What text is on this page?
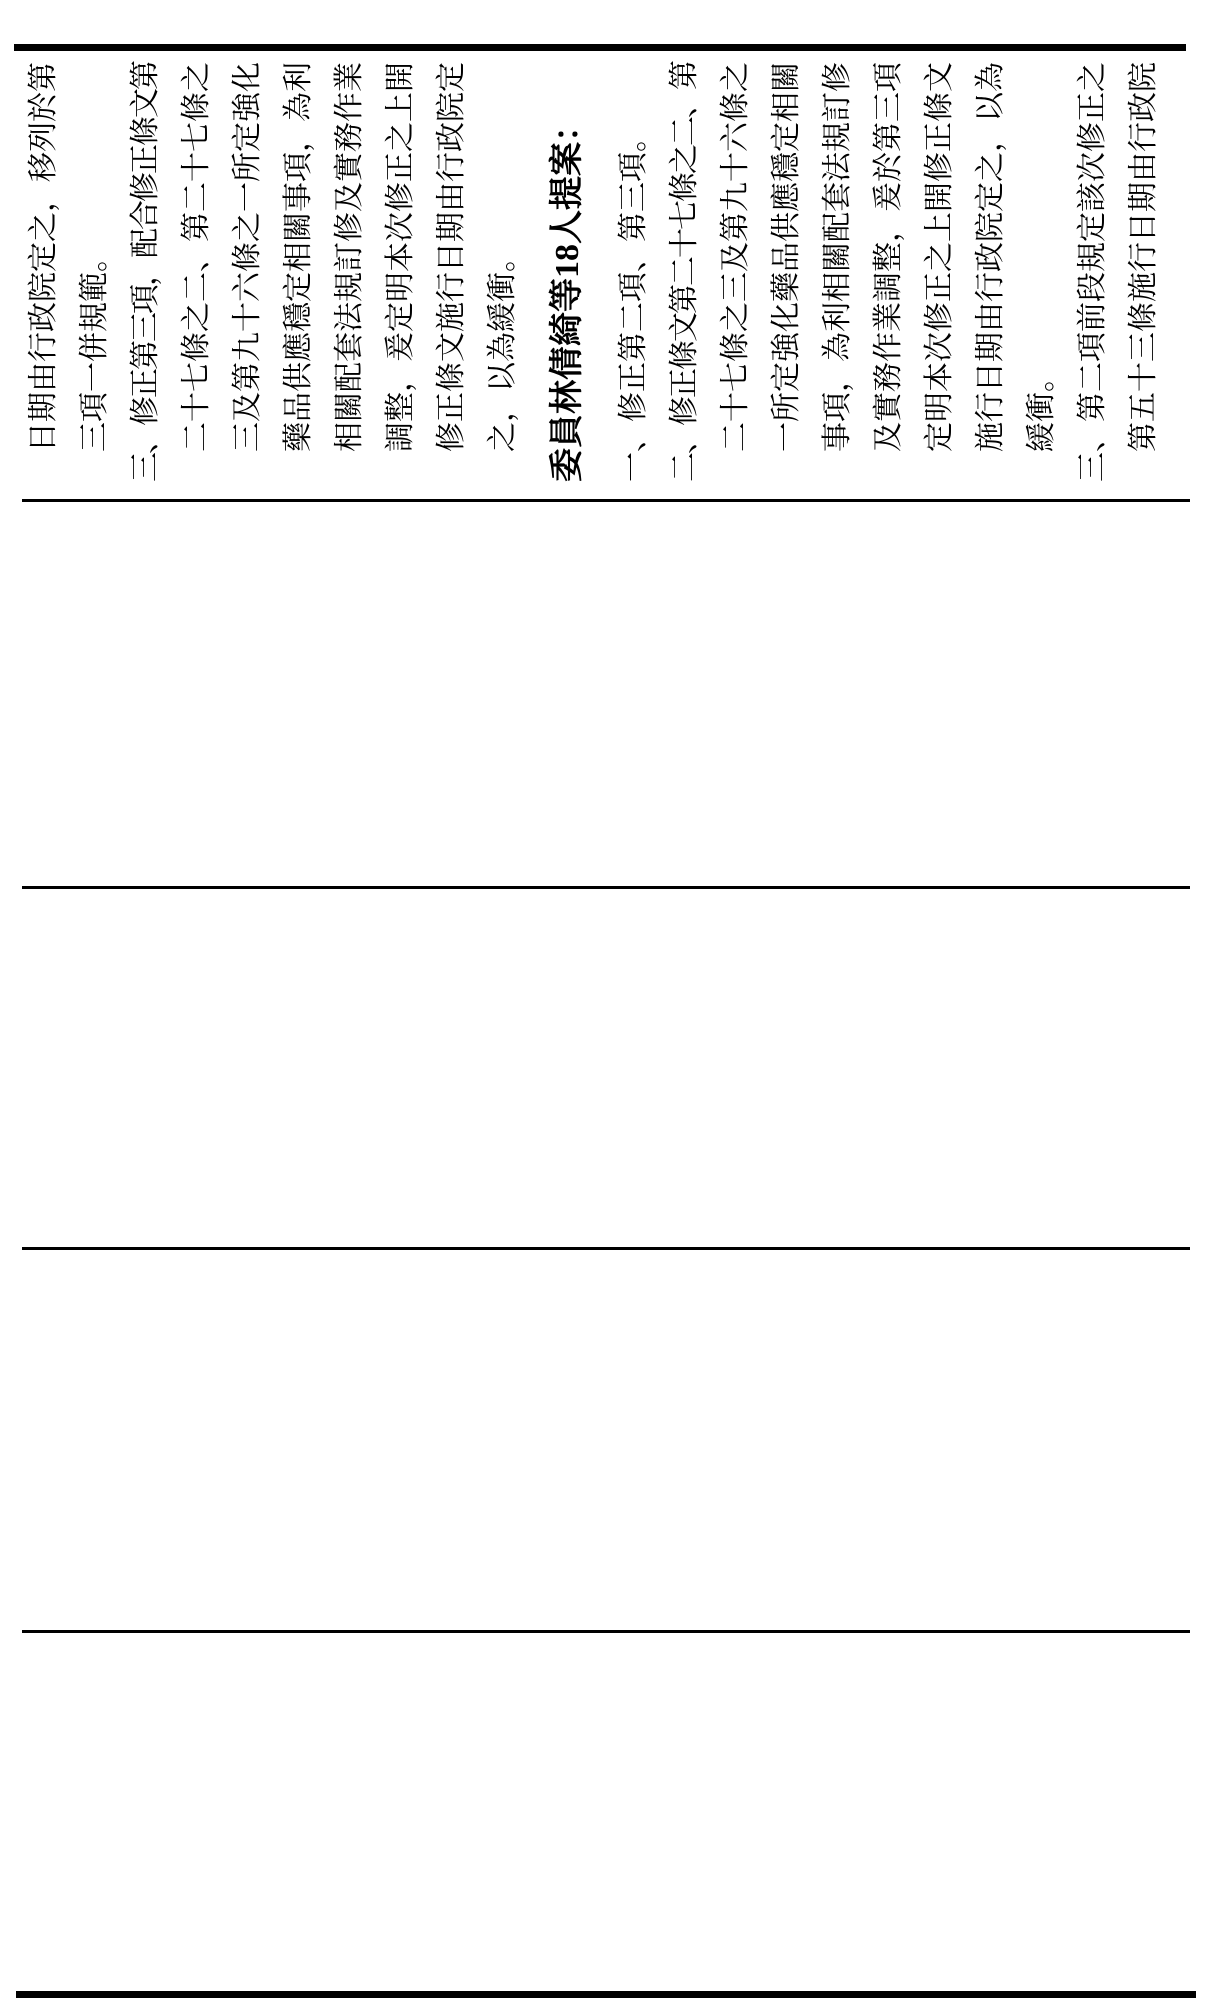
日期由行政院定之，移列於第 三項一併規範。 三、修正第三項，配合修正條文第 二十七條之二、第二十七條之 三及第九十六條之一所定強化 藥品供應穩定相關事項，為利 相關配套法規訂修及實務作業 調整，爰定明本次修正之上開 修正條文施行日期由行政院定 之，以為緩衝。 委員林倩綺等18人提案：	一、修正第二項、第三項。 二、修正條文第二十七條之二、第 二十七條之三及第九十六條之 一所定強化藥品供應穩定相關 事項，為利相關配套法規訂修 及實務作業調整，爰於第三項 定明本次修正之上開修正條文 施行日期由行政院定之，以為 緩衝。 三、第二項前段規定該次修正之 第五十三條施行日期由行政院
